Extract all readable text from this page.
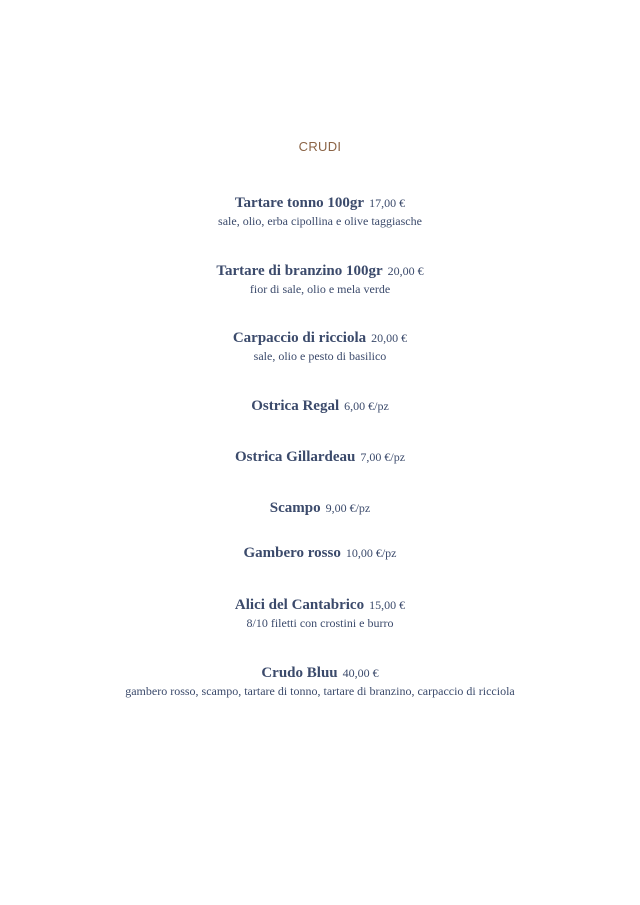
CRUDI
Tartare tonno 100gr 17,00 €
sale, olio, erba cipollina e olive taggiasche
Tartare di branzino 100gr 20,00 €
fior di sale, olio e mela verde
Carpaccio di ricciola 20,00 €
sale, olio e pesto di basilico
Ostrica Regal 6,00 €/pz
Ostrica Gillardeau 7,00 €/pz
Scampo 9,00 €/pz
Gambero rosso 10,00 €/pz
Alici del Cantabrico 15,00 €
8/10 filetti con crostini e burro
Crudo Bluu 40,00 €
gambero rosso, scampo, tartare di tonno, tartare di branzino, carpaccio di ricciola
